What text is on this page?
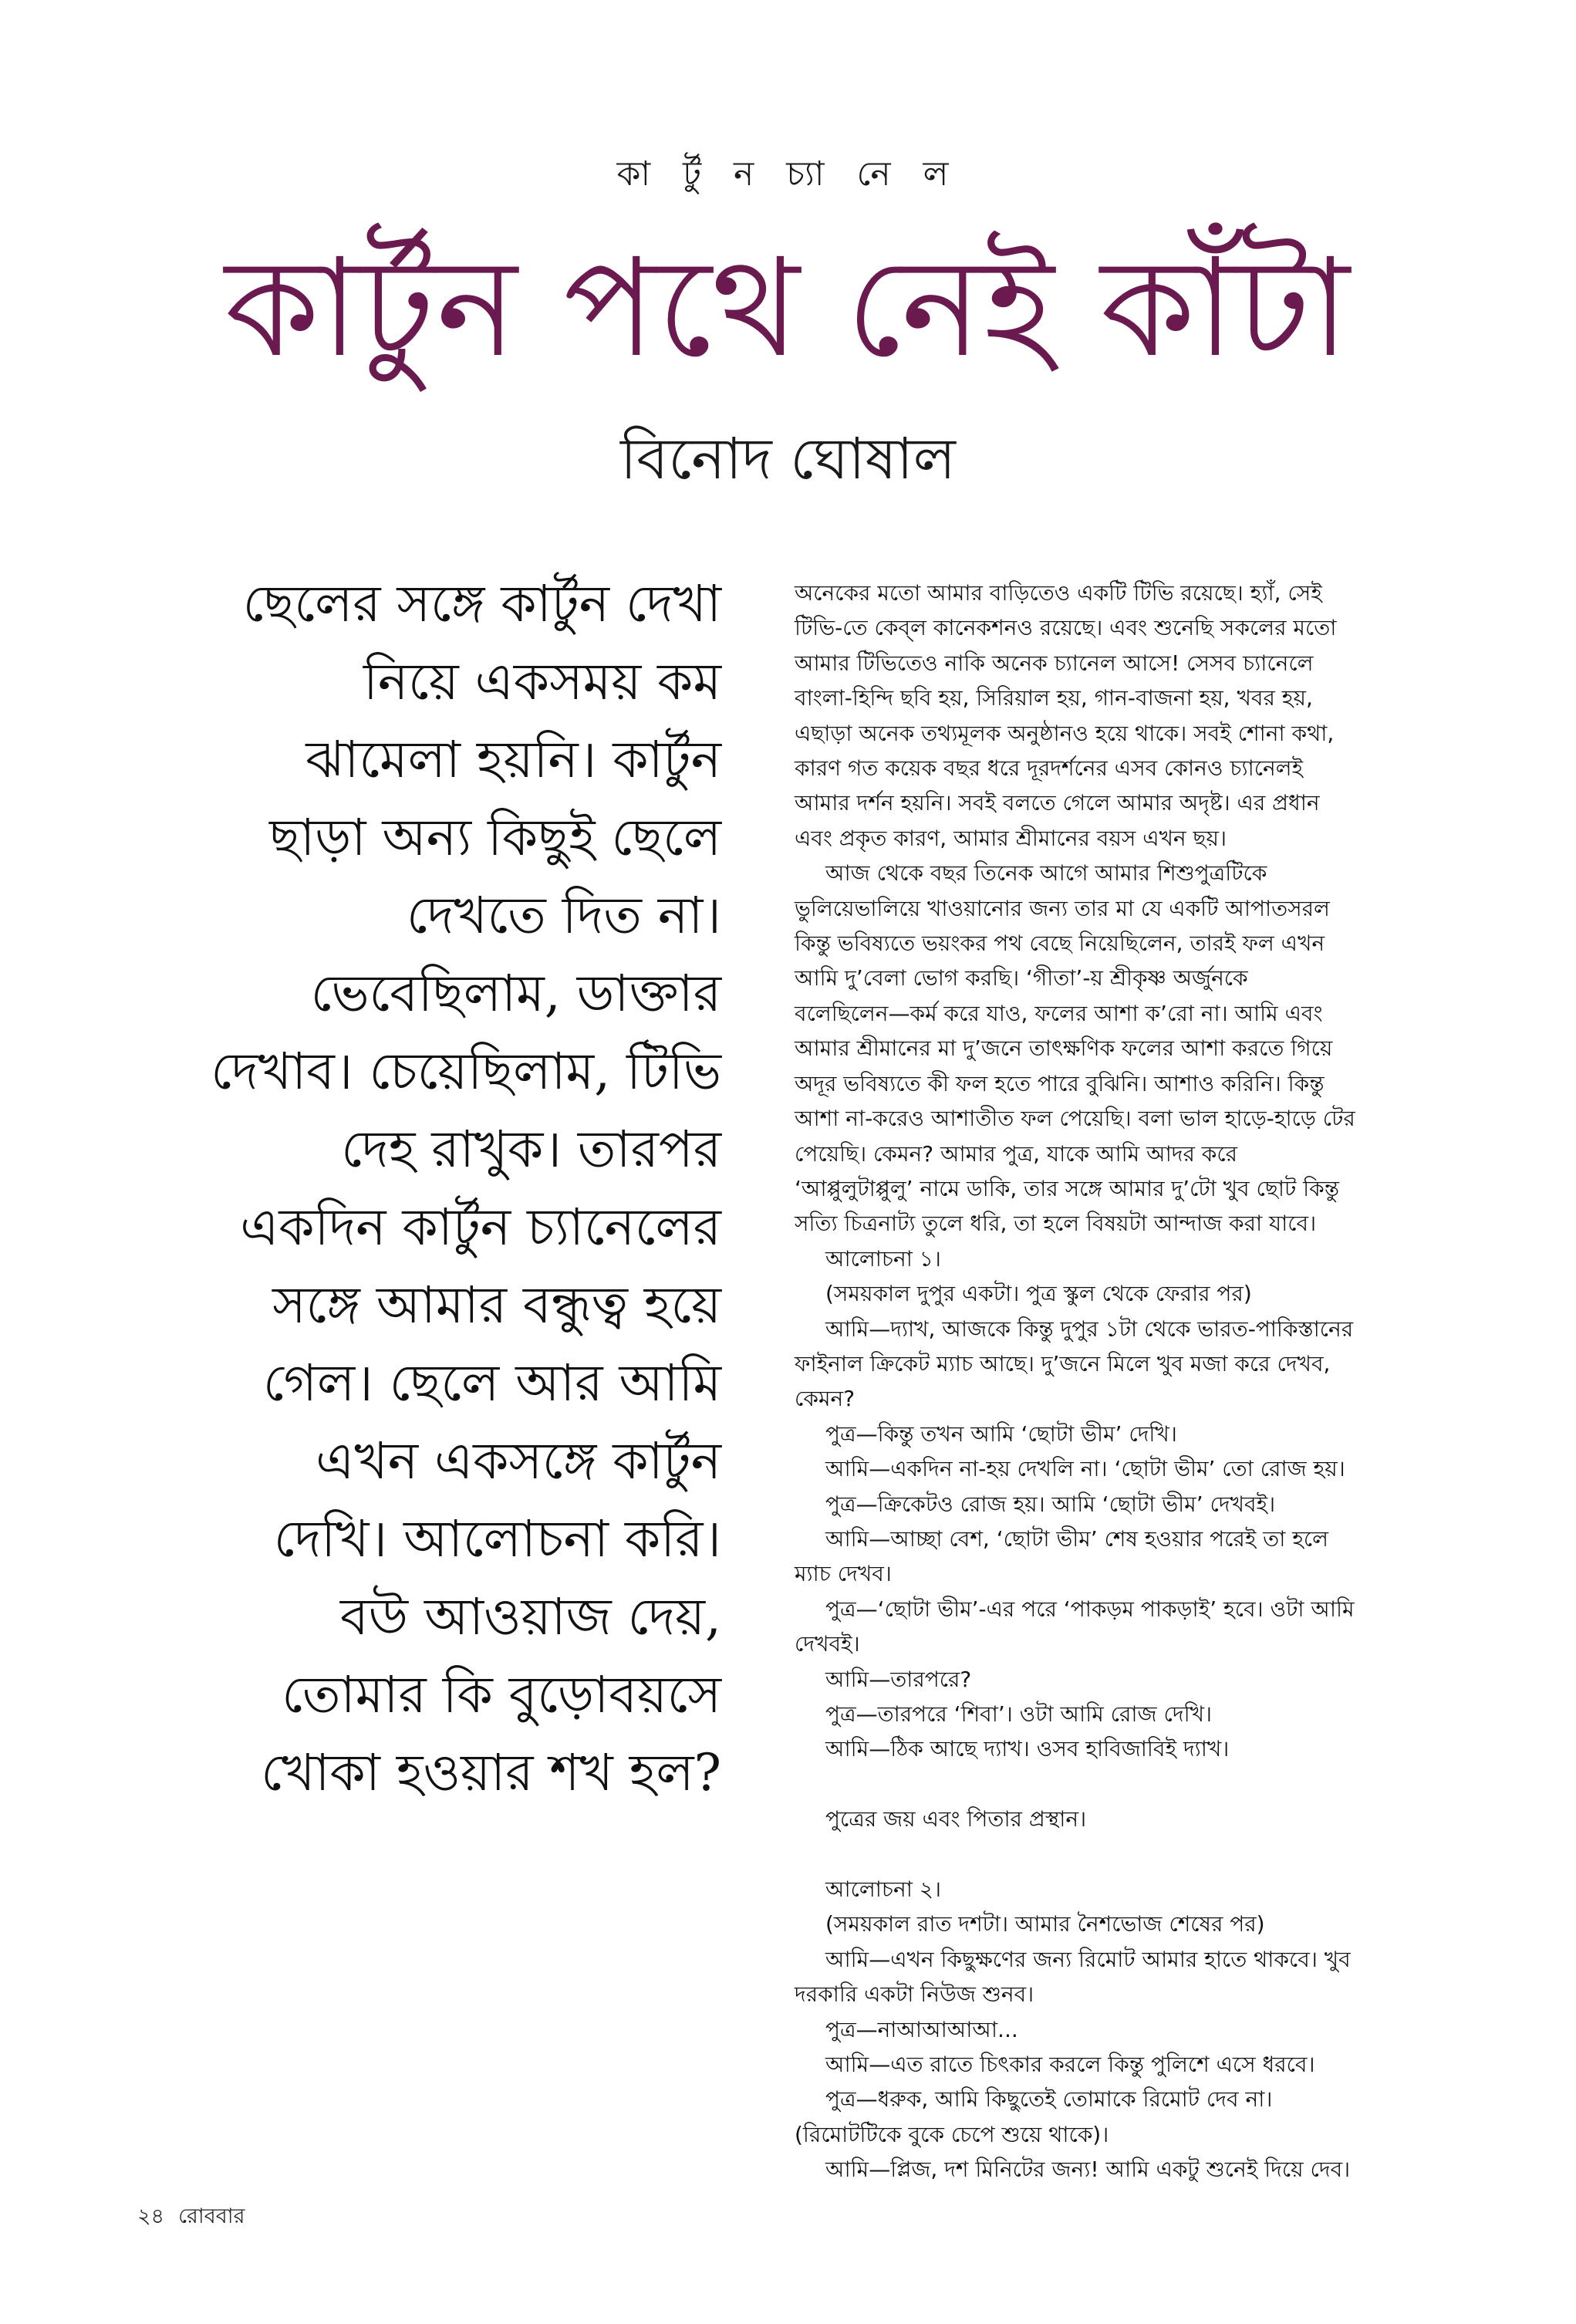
কা র্টু ন চ্যা নে ল
কার্টুন পথে নেই কাঁটা
বিনোদ ঘোষাল
ছেলের সঙ্গে কার্টুন দেখা
নিয়ে একসময় কম
ঝামেলা হয়নি। কার্টুন
ছাড়া অন্য কিছুই ছেলে
দেখতে দিত না।
ভেবেছিলাম, ডাক্তার
দেখাব। চেয়েছিলাম, টিভি
দেহ রাখুক। তারপর
একদিন কার্টুন চ্যানেলের
সঙ্গে আমার বন্ধুত্ব হয়ে
গেল। ছেলে আর আমি
এখন একসঙ্গে কার্টুন
দেখি। আলোচনা করি।
বউ আওয়াজ দেয়,
তোমার কি বুড়োবয়সে
খোকা হওয়ার শখ হল?
অনেকের মতো আমার বাড়িতেও একটি টিভি রয়েছে। হ্যাঁ, সেই
টিভি-তে কেব্‌ল কানেকশনও রয়েছে। এবং শুনেছি সকলের মতো
আমার টিভিতেও নাকি অনেক চ্যানেল আসে! সেসব চ্যানেলে
বাংলা-হিন্দি ছবি হয়, সিরিয়াল হয়, গান-বাজনা হয়, খবর হয়,
এছাড়া অনেক তথ্যমূলক অনুষ্ঠানও হয়ে থাকে। সবই শোনা কথা,
কারণ গত কয়েক বছর ধরে দূরদর্শনের এসব কোনও চ্যানেলই
আমার দর্শন হয়নি। সবই বলতে গেলে আমার অদৃষ্ট। এর প্রধান
এবং প্রকৃত কারণ, আমার শ্রীমানের বয়স এখন ছয়।
আজ থেকে বছর তিনেক আগে আমার শিশুপুত্রটিকে
ভুলিয়েভালিয়ে খাওয়ানোর জন্য তার মা যে একটি আপাতসরল
কিন্তু ভবিষ্যতে ভয়ংকর পথ বেছে নিয়েছিলেন, তারই ফল এখন
আমি দু’বেলা ভোগ করছি। ‘গীতা’-য় শ্রীকৃষ্ণ অর্জুনকে
বলেছিলেন—কর্ম করে যাও, ফলের আশা ক’রো না। আমি এবং
আমার শ্রীমানের মা দু’জনে তাৎক্ষণিক ফলের আশা করতে গিয়ে
অদূর ভবিষ্যতে কী ফল হতে পারে বুঝিনি। আশাও করিনি। কিন্তু
আশা না-করেও আশাতীত ফল পেয়েছি। বলা ভাল হাড়ে-হাড়ে টের
পেয়েছি। কেমন? আমার পুত্র, যাকে আমি আদর করে
‘আপ্পুলুটাপ্পুলু’ নামে ডাকি, তার সঙ্গে আমার দু’টো খুব ছোট কিন্তু
সত্যি চিত্রনাট্য তুলে ধরি, তা হলে বিষয়টা আন্দাজ করা যাবে।
আলোচনা ১।
(সময়কাল দুপুর একটা। পুত্র স্কুল থেকে ফেরার পর)
আমি—দ্যাখ, আজকে কিন্তু দুপুর ১টা থেকে ভারত-পাকিস্তানের
ফাইনাল ক্রিকেট ম্যাচ আছে। দু’জনে মিলে খুব মজা করে দেখব,
কেমন?
পুত্র—কিন্তু তখন আমি ‘ছোটা ভীম’ দেখি।
আমি—একদিন না-হয় দেখলি না। ‘ছোটা ভীম’ তো রোজ হয়।
পুত্র—ক্রিকেটও রোজ হয়। আমি ‘ছোটা ভীম’ দেখবই।
আমি—আচ্ছা বেশ, ‘ছোটা ভীম’ শেষ হওয়ার পরেই তা হলে
ম্যাচ দেখব।
পুত্র—‘ছোটা ভীম’-এর পরে ‘পাকড়ম পাকড়াই’ হবে। ওটা আমি
দেখবই।
আমি—তারপরে?
পুত্র—তারপরে ‘শিবা’। ওটা আমি রোজ দেখি।
আমি—ঠিক আছে দ্যাখ। ওসব হাবিজাবিই দ্যাখ।
পুত্রের জয় এবং পিতার প্রস্থান।
আলোচনা ২।
(সময়কাল রাত দশটা। আমার নৈশভোজ শেষের পর)
আমি—এখন কিছুক্ষণের জন্য রিমোট আমার হাতে থাকবে। খুব
দরকারি একটা নিউজ শুনব।
পুত্র—নাআআআআ...
আমি—এত রাতে চিৎকার করলে কিন্তু পুলিশে এসে ধরবে।
পুত্র—ধরুক, আমি কিছুতেই তোমাকে রিমোট দেব না।
(রিমোটটিকে বুকে চেপে শুয়ে থাকে)।
আমি—প্লিজ, দশ মিনিটের জন্য! আমি একটু শুনেই দিয়ে দেব।
২৪ রোববার
